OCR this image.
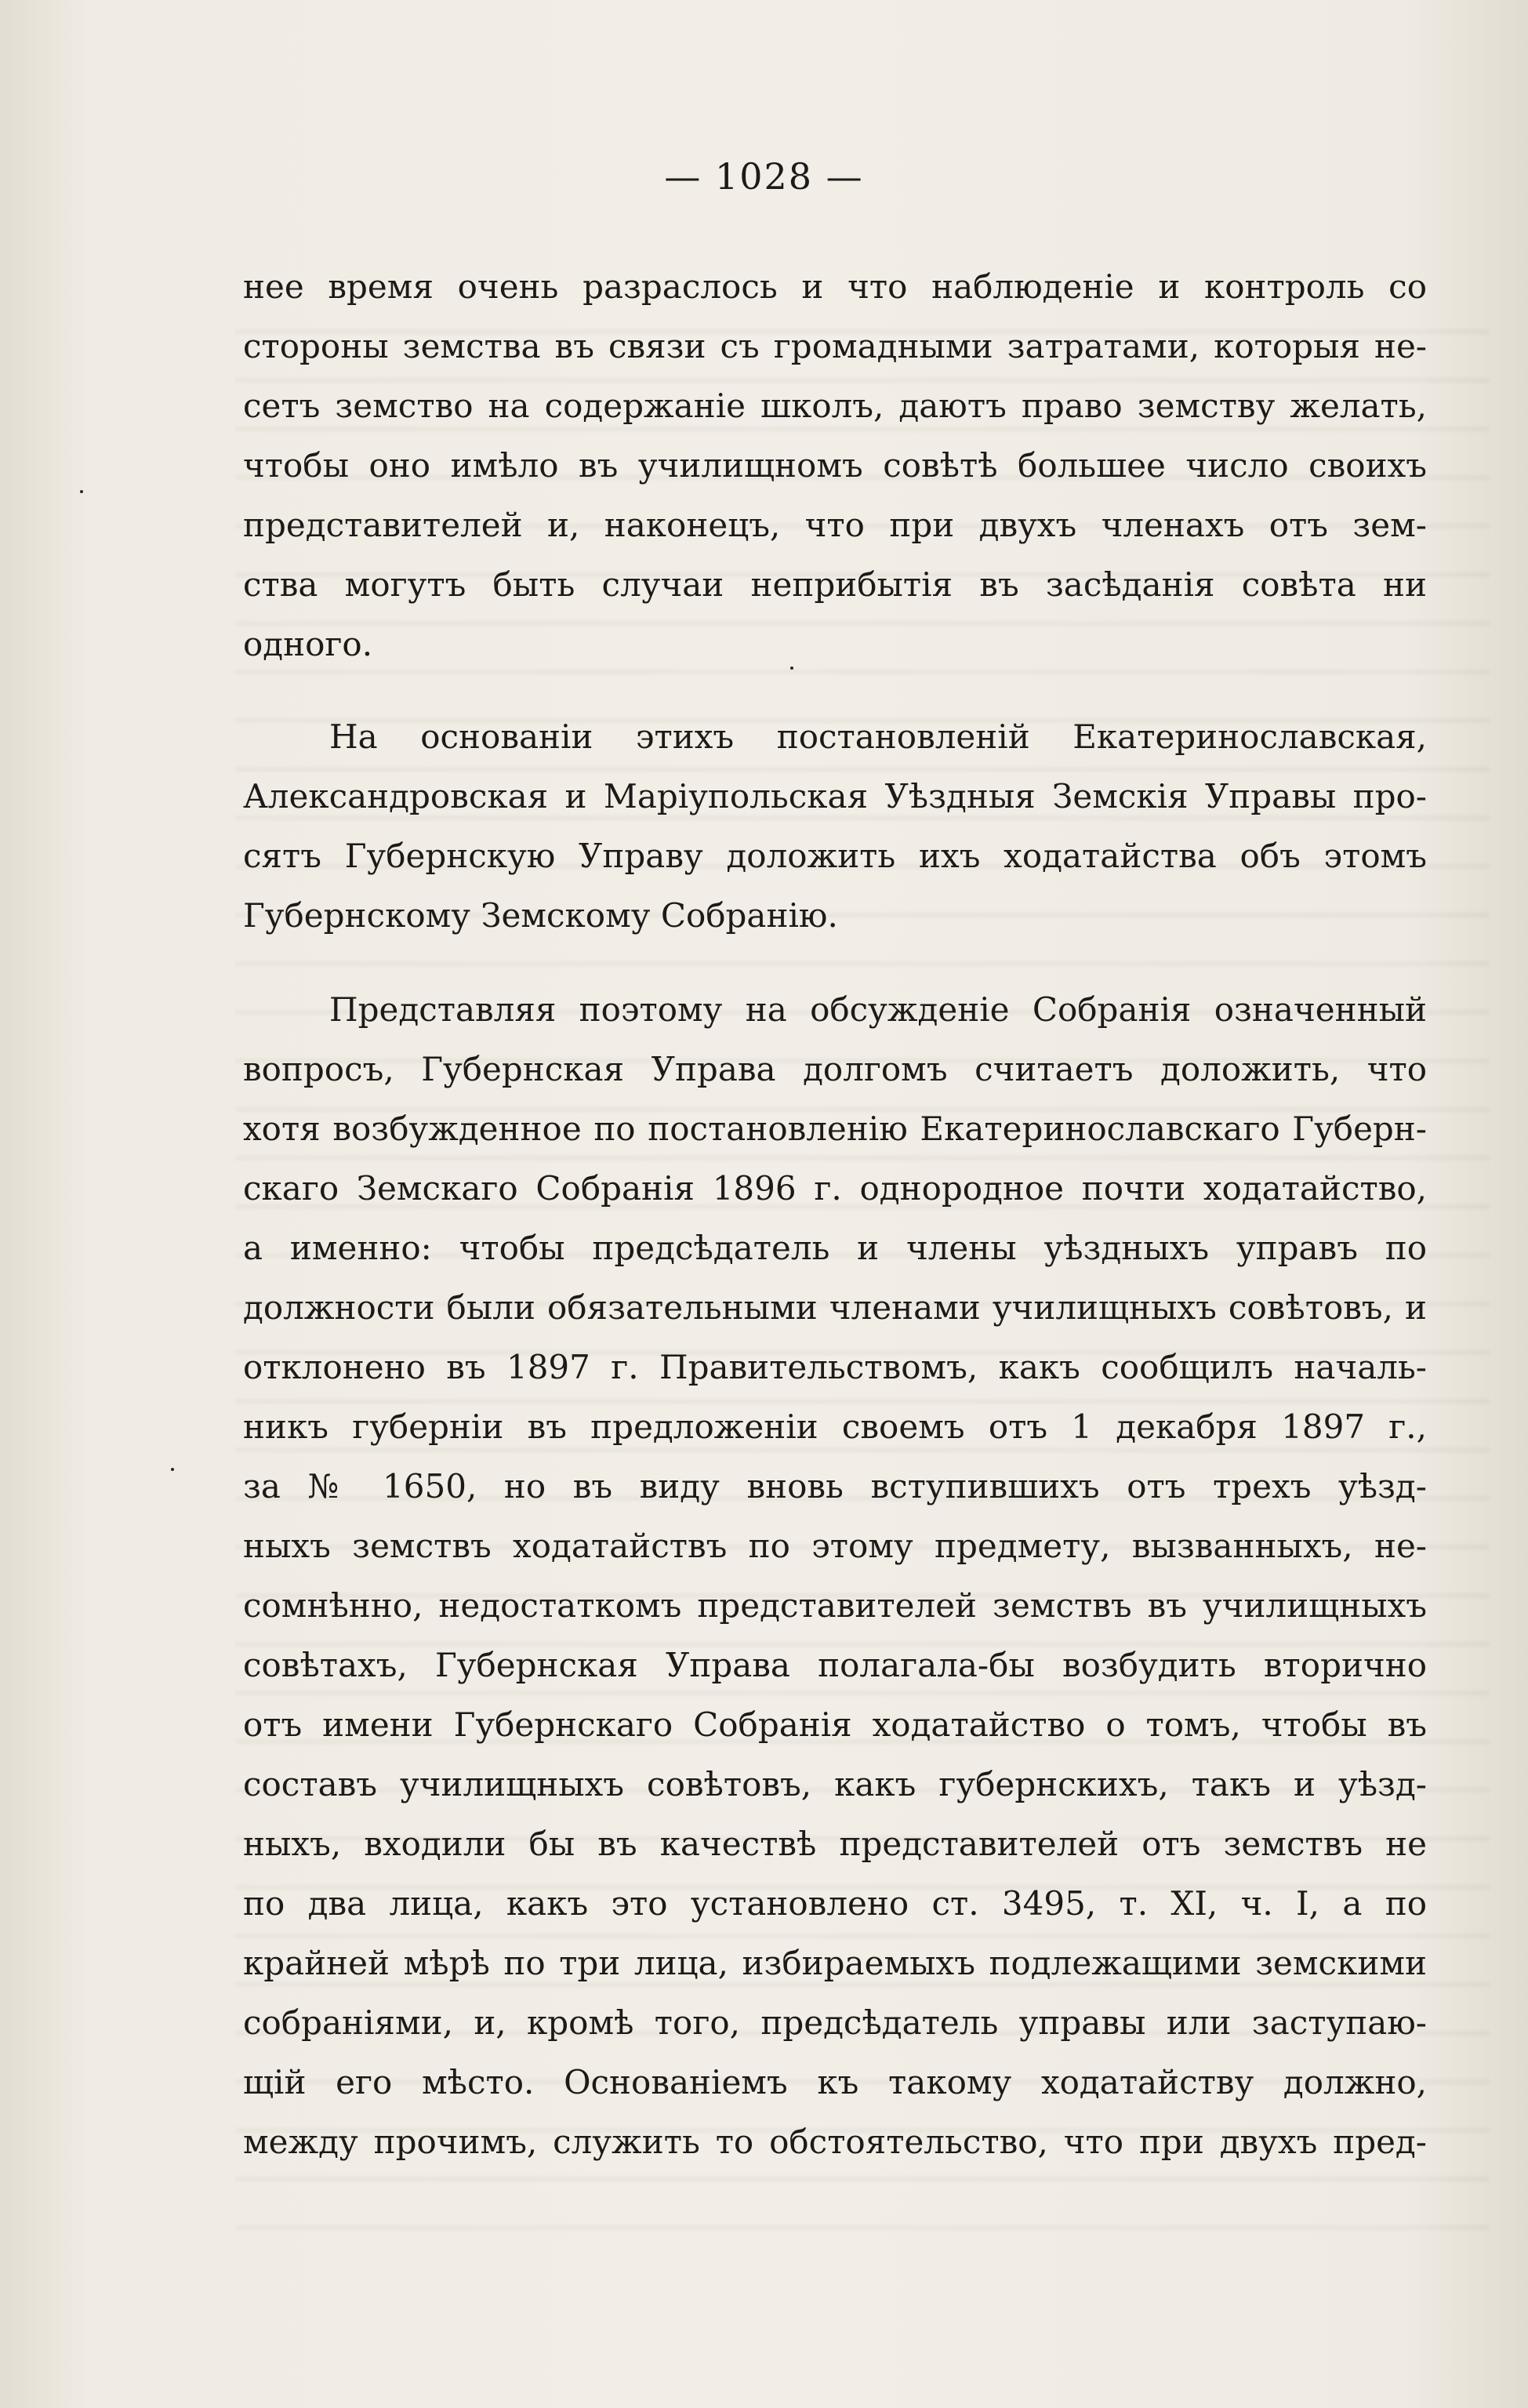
— 1028 —
нее время очень разраслось и что наблюденіе и контроль со
стороны земства въ связи съ громадными затратами, которыя не-
сетъ земство на содержаніе школъ, даютъ право земству желать,
чтобы оно имѣло въ училищномъ совѣтѣ большее число своихъ
представителей и, наконецъ, что при двухъ членахъ отъ зем-
ства могутъ быть случаи неприбытія въ засѣданія совѣта ни
одного.
На основаніи этихъ постановленій Екатеринославская,
Александровская и Маріупольская Уѣздныя Земскія Управы про-
сятъ Губернскую Управу доложить ихъ ходатайства объ этомъ
Губернскому Земскому Собранію.
Представляя поэтому на обсужденіе Собранія означенный
вопросъ, Губернская Управа долгомъ считаетъ доложить, что
хотя возбужденное по постановленію Екатеринославскаго Губерн-
скаго Земскаго Собранія 1896 г. однородное почти ходатайство,
а именно: чтобы предсѣдатель и члены уѣздныхъ управъ по
должности были обязательными членами училищныхъ совѣтовъ, и
отклонено въ 1897 г. Правительствомъ, какъ сообщилъ началь-
никъ губерніи въ предложеніи своемъ отъ 1 декабря 1897 г.,
за № 1650, но въ виду вновь вступившихъ отъ трехъ уѣзд-
ныхъ земствъ ходатайствъ по этому предмету, вызванныхъ, не-
сомнѣнно, недостаткомъ представителей земствъ въ училищныхъ
совѣтахъ, Губернская Управа полагала-бы возбудить вторично
отъ имени Губернскаго Собранія ходатайство о томъ, чтобы въ
составъ училищныхъ совѣтовъ, какъ губернскихъ, такъ и уѣзд-
ныхъ, входили бы въ качествѣ представителей отъ земствъ не
по два лица, какъ это установлено ст. 3495, т. XI, ч. I, а по
крайней мѣрѣ по три лица, избираемыхъ подлежащими земскими
собраніями, и, кромѣ того, предсѣдатель управы или заступаю-
щій его мѣсто. Основаніемъ къ такому ходатайству должно,
между прочимъ, служить то обстоятельство, что при двухъ пред-
